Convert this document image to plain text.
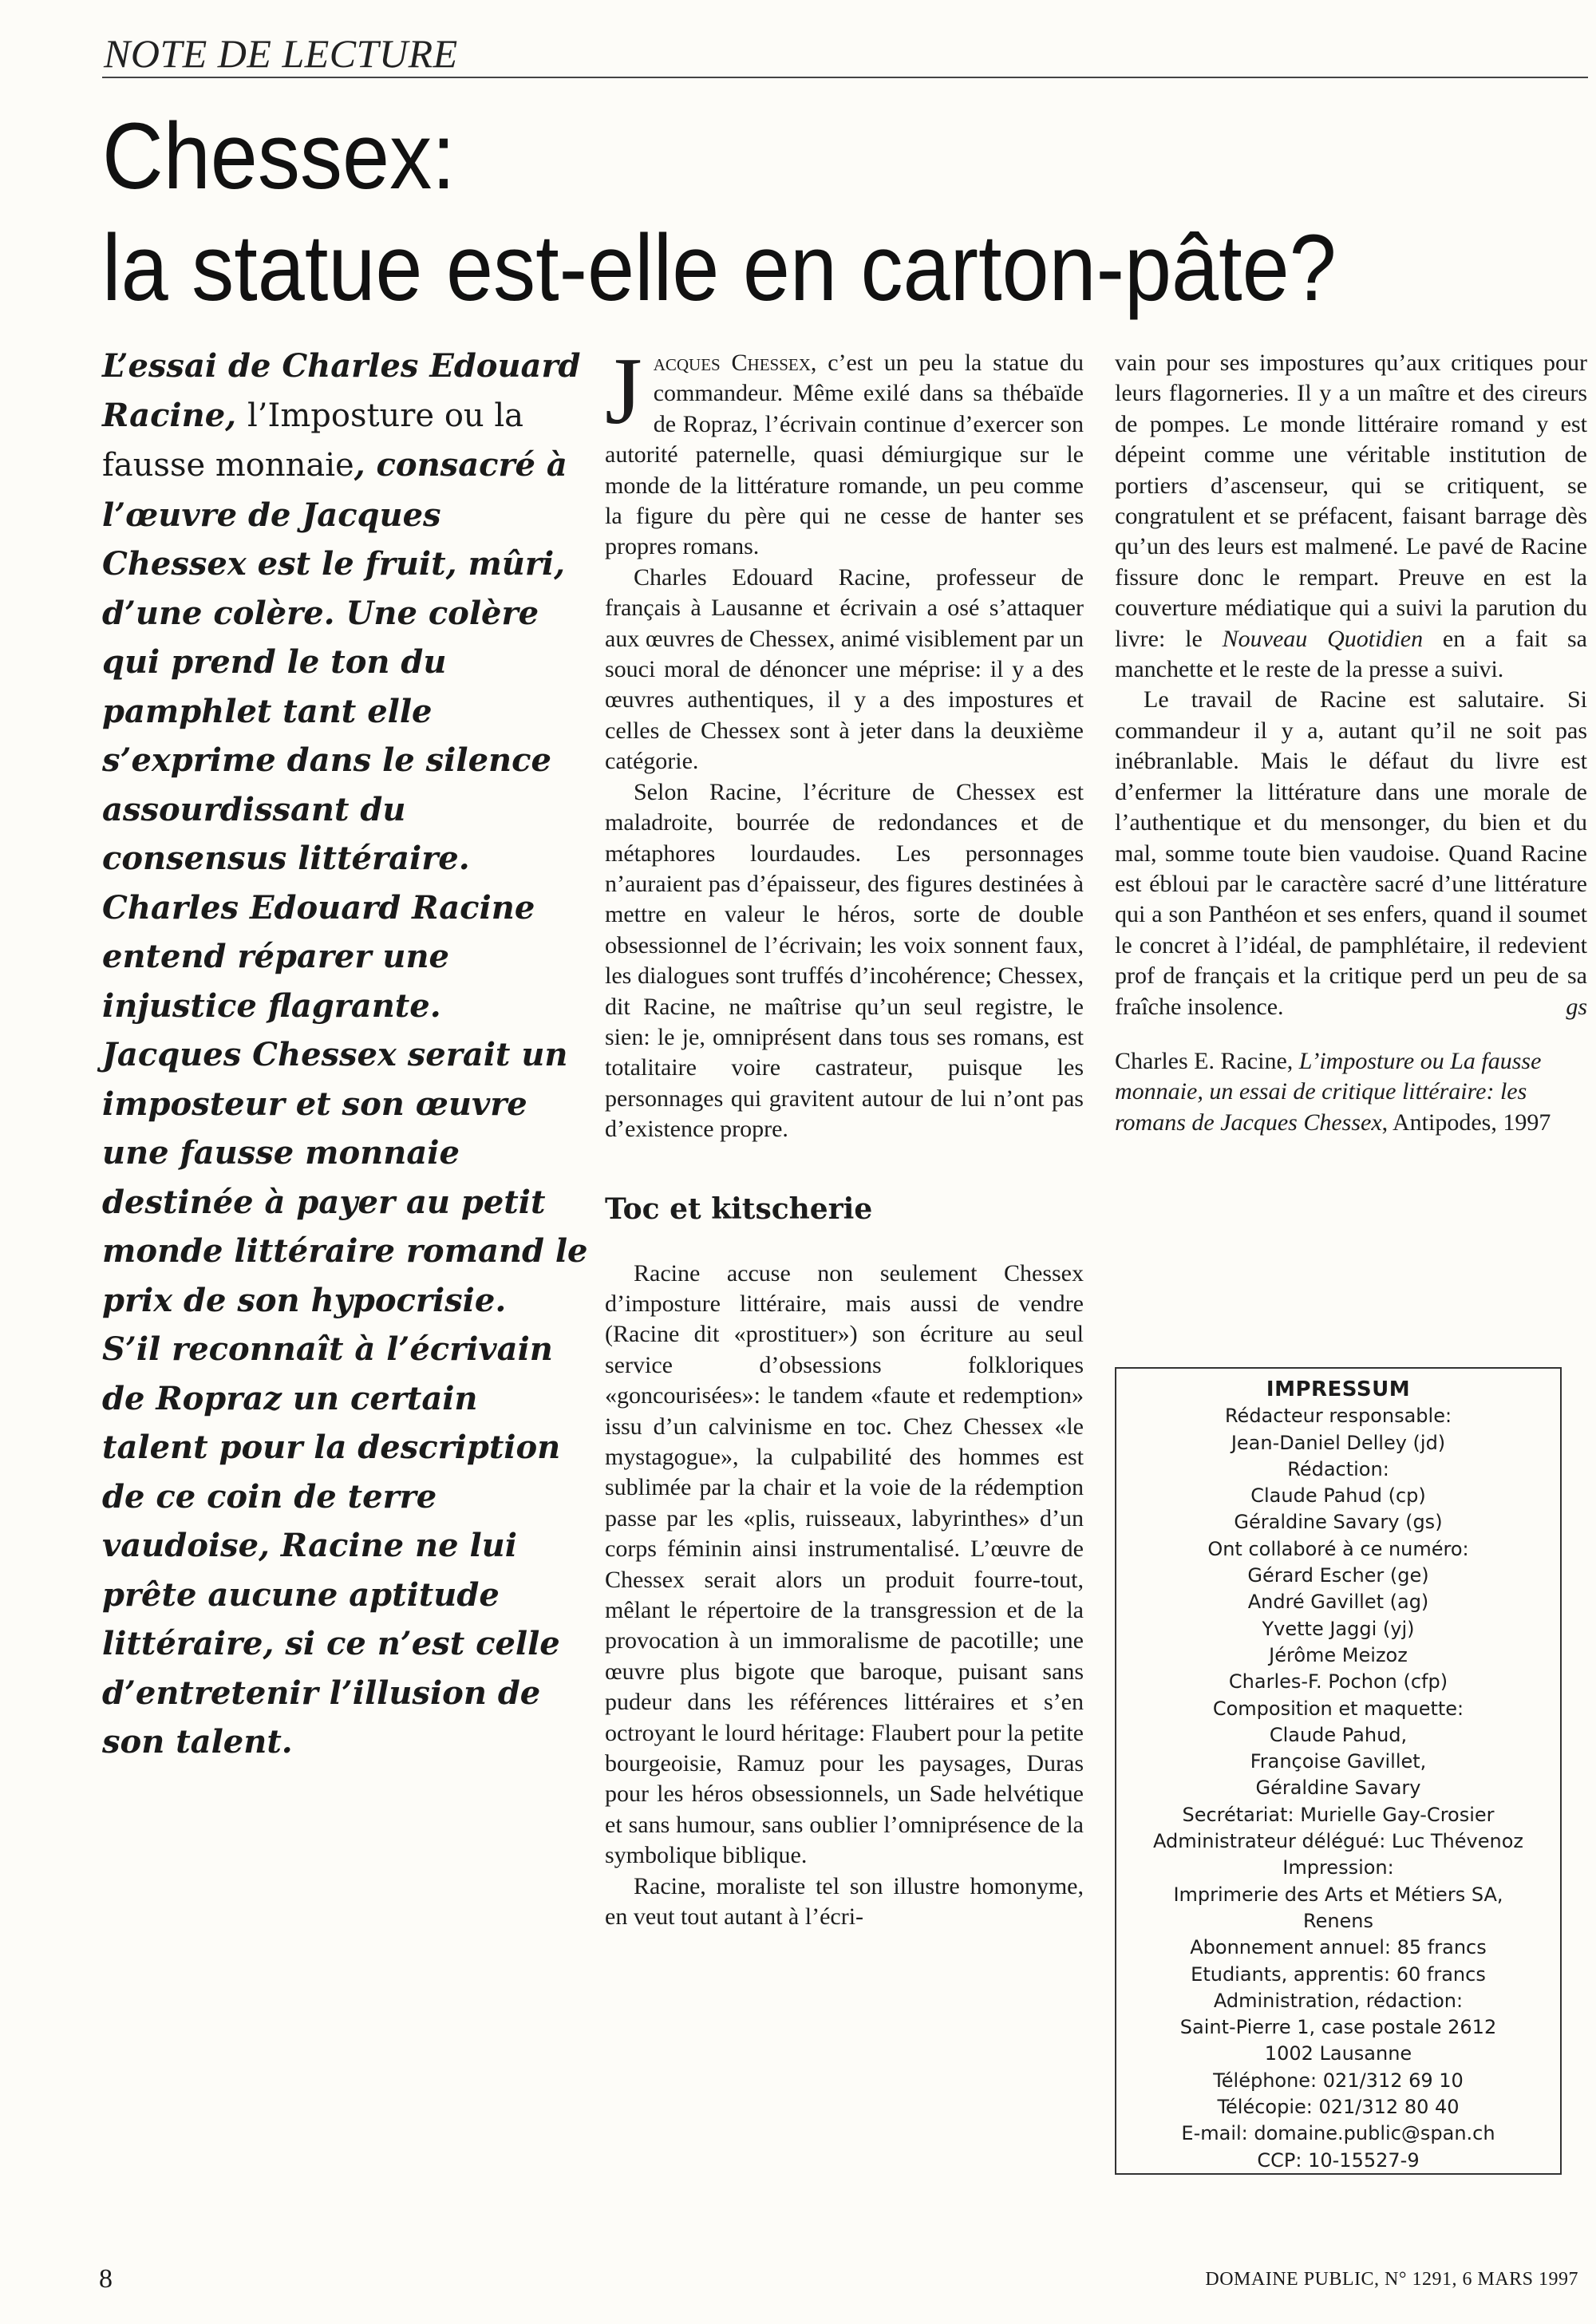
NOTE DE LECTURE
Chessex:
la statue est-elle en carton-pâte?

L’essai de Charles Edouard Racine, l’Imposture ou la fausse monnaie, consacré à l’œuvre de Jacques Chessex est le fruit, mûri, d’une colère. Une colère qui prend le ton du pamphlet tant elle s’exprime dans le silence assourdissant du consensus littéraire.

Charles Edouard Racine entend réparer une injustice flagrante. Jacques Chessex serait un imposteur et son œuvre une fausse monnaie destinée à payer au petit monde littéraire romand le prix de son hypocrisie.

S’il reconnaît à l’écrivain de Ropraz un certain talent pour la description de ce coin de terre vaudoise, Racine ne lui prête aucune aptitude littéraire, si ce n’est celle d’entretenir l’illusion de son talent.

Jacques Chessex, c’est un peu la statue du commandeur. Même exilé dans sa thébaïde de Ropraz, l’écrivain continue d’exercer son autorité paternelle, quasi démiurgique sur le monde de la littérature romande, un peu comme la figure du père qui ne cesse de hanter ses propres romans.

Charles Edouard Racine, professeur de français à Lausanne et écrivain a osé s’attaquer aux œuvres de Chessex, animé visiblement par un souci moral de dénoncer une méprise: il y a des œuvres authentiques, il y a des impostures et celles de Chessex sont à jeter dans la deuxième catégorie.

Selon Racine, l’écriture de Chessex est maladroite, bourrée de redondances et de métaphores lourdaudes. Les personnages n’auraient pas d’épaisseur, des figures destinées à mettre en valeur le héros, sorte de double obsessionnel de l’écrivain; les voix sonnent faux, les dialogues sont truffés d’incohérence; Chessex, dit Racine, ne maîtrise qu’un seul registre, le sien: le je, omniprésent dans tous ses romans, est totalitaire voire castrateur, puisque les personnages qui gravitent autour de lui n’ont pas d’existence propre.

Toc et kitscherie

Racine accuse non seulement Chessex d’imposture littéraire, mais aussi de vendre (Racine dit «prostituer») son écriture au seul service d’obsessions folkloriques «goncourisées»: le tandem «faute et redemption» issu d’un calvinisme en toc. Chez Chessex «le mystagogue», la culpabilité des hommes est sublimée par la chair et la voie de la rédemption passe par les «plis, ruisseaux, labyrinthes» d’un corps féminin ainsi instrumentalisé. L’œuvre de Chessex serait alors un produit fourre-tout, mêlant le répertoire de la transgression et de la provocation à un immoralisme de pacotille; une œuvre plus bigote que baroque, puisant sans pudeur dans les références littéraires et s’en octroyant le lourd héritage: Flaubert pour la petite bourgeoisie, Ramuz pour les paysages, Duras pour les héros obsessionnels, un Sade helvétique et sans humour, sans oublier l’omniprésence de la symbolique biblique.

Racine, moraliste tel son illustre homonyme, en veut tout autant à l’écri-

vain pour ses impostures qu’aux critiques pour leurs flagorneries. Il y a un maître et des cireurs de pompes. Le monde littéraire romand y est dépeint comme une véritable institution de portiers d’ascenseur, qui se critiquent, se congratulent et se préfacent, faisant barrage dès qu’un des leurs est malmené. Le pavé de Racine fissure donc le rempart. Preuve en est la couverture médiatique qui a suivi la parution du livre: le Nouveau Quotidien en a fait sa manchette et le reste de la presse a suivi.

Le travail de Racine est salutaire. Si commandeur il y a, autant qu’il ne soit pas inébranlable. Mais le défaut du livre est d’enfermer la littérature dans une morale de l’authentique et du mensonger, du bien et du mal, somme toute bien vaudoise. Quand Racine est ébloui par le caractère sacré d’une littérature qui a son Panthéon et ses enfers, quand il soumet le concret à l’idéal, de pamphlétaire, il redevient prof de français et la critique perd un peu de sa fraîche insolence.	gs

Charles E. Racine, L’imposture ou La fausse monnaie, un essai de critique littéraire: les romans de Jacques Chessex, Antipodes, 1997

IMPRESSUM
Rédacteur responsable:
Jean-Daniel Delley (jd)
Rédaction:
Claude Pahud (cp)
Géraldine Savary (gs)
Ont collaboré à ce numéro:
Gérard Escher (ge)
André Gavillet (ag)
Yvette Jaggi (yj)
Jérôme Meizoz
Charles-F. Pochon (cfp)
Composition et maquette:
Claude Pahud,
Françoise Gavillet,
Géraldine Savary
Secrétariat: Murielle Gay-Crosier
Administrateur délégué: Luc Thévenoz
Impression:
Imprimerie des Arts et Métiers SA,
Renens
Abonnement annuel: 85 francs
Etudiants, apprentis: 60 francs
Administration, rédaction:
Saint-Pierre 1, case postale 2612
1002 Lausanne
Téléphone: 021/312 69 10
Télécopie: 021/312 80 40
E-mail: domaine.public@span.ch
CCP: 10-15527-9
8	DOMAINE PUBLIC, N° 1291, 6 MARS 1997
